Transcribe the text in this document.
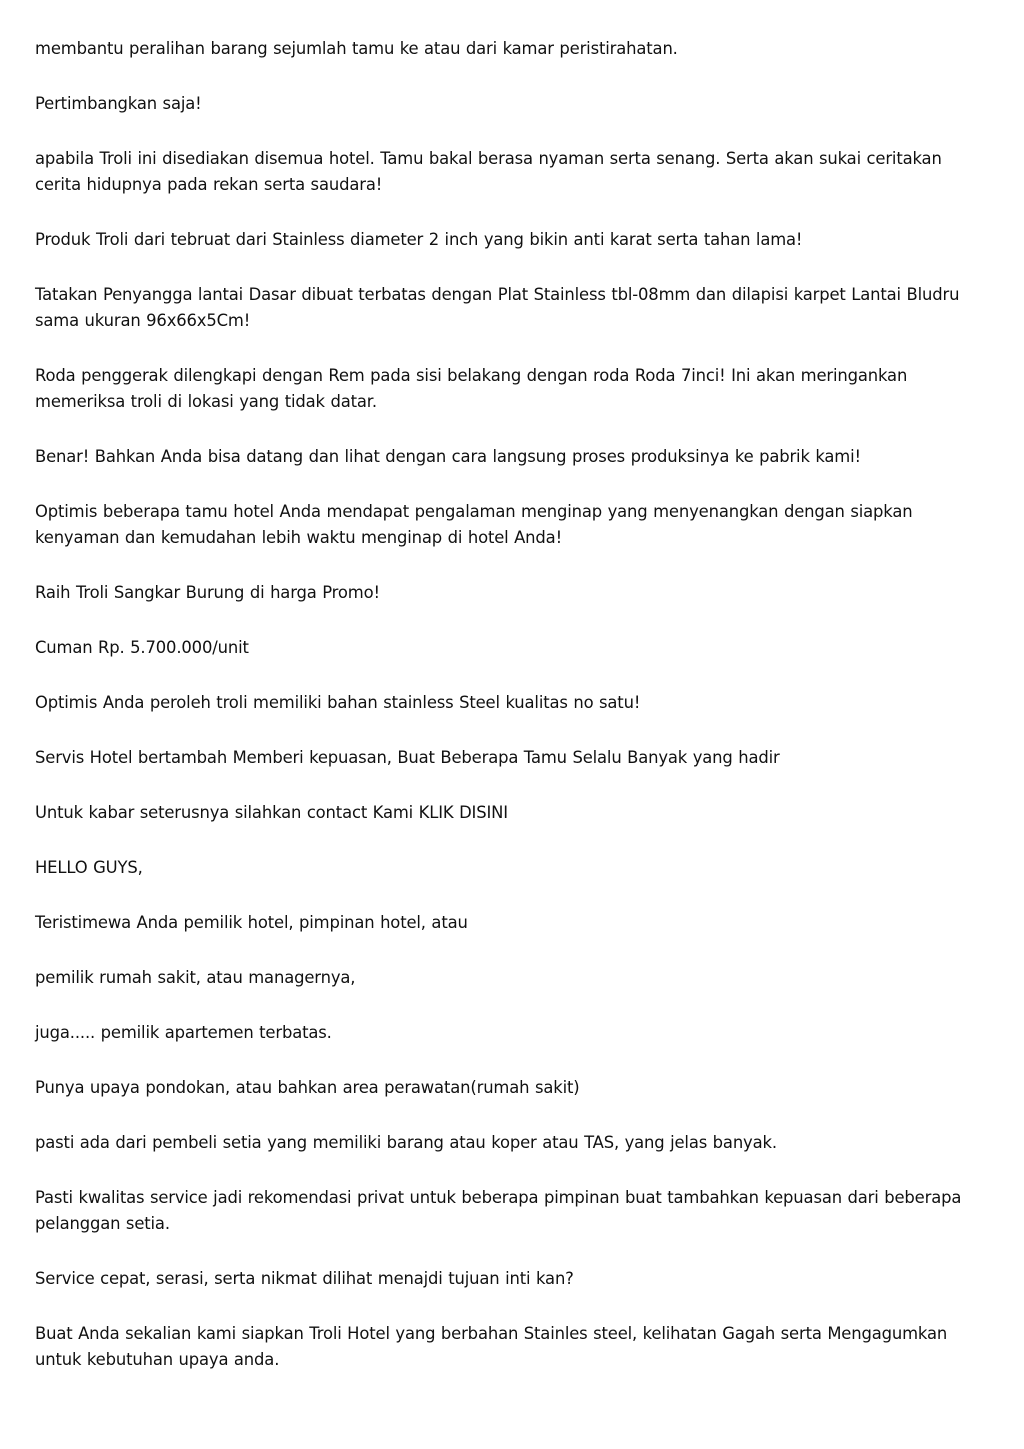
membantu peralihan barang sejumlah tamu ke atau dari kamar peristirahatan.

Pertimbangkan saja!

apabila Troli ini disediakan disemua hotel. Tamu bakal berasa nyaman serta senang. Serta akan sukai ceritakan cerita hidupnya pada rekan serta saudara!

Produk Troli dari tebruat dari Stainless diameter 2 inch yang bikin anti karat serta tahan lama!

Tatakan Penyangga lantai Dasar dibuat terbatas dengan Plat Stainless tbl-08mm dan dilapisi karpet Lantai Bludru sama ukuran 96x66x5Cm!

Roda penggerak dilengkapi dengan Rem pada sisi belakang dengan roda Roda 7inci! Ini akan meringankan memeriksa troli di lokasi yang tidak datar.

Benar! Bahkan Anda bisa datang dan lihat dengan cara langsung proses produksinya ke pabrik kami!

Optimis beberapa tamu hotel Anda mendapat pengalaman menginap yang menyenangkan dengan siapkan kenyaman dan kemudahan lebih waktu menginap di hotel Anda!

Raih Troli Sangkar Burung di harga Promo!

Cuman Rp. 5.700.000/unit

Optimis Anda peroleh troli memiliki bahan stainless Steel kualitas no satu!

Servis Hotel bertambah Memberi kepuasan, Buat Beberapa Tamu Selalu Banyak yang hadir

Untuk kabar seterusnya silahkan contact Kami KLIK DISINI

HELLO GUYS,

Teristimewa Anda pemilik hotel, pimpinan hotel, atau

pemilik rumah sakit, atau managernya,

juga..... pemilik apartemen terbatas.

Punya upaya pondokan, atau bahkan area perawatan(rumah sakit)

pasti ada dari pembeli setia yang memiliki barang atau koper atau TAS, yang jelas banyak.

Pasti kwalitas service jadi rekomendasi privat untuk beberapa pimpinan buat tambahkan kepuasan dari beberapa pelanggan setia.

Service cepat, serasi, serta nikmat dilihat menajdi tujuan inti kan?

Buat Anda sekalian kami siapkan Troli Hotel yang berbahan Stainles steel, kelihatan Gagah serta Mengagumkan untuk kebutuhan upaya anda.
